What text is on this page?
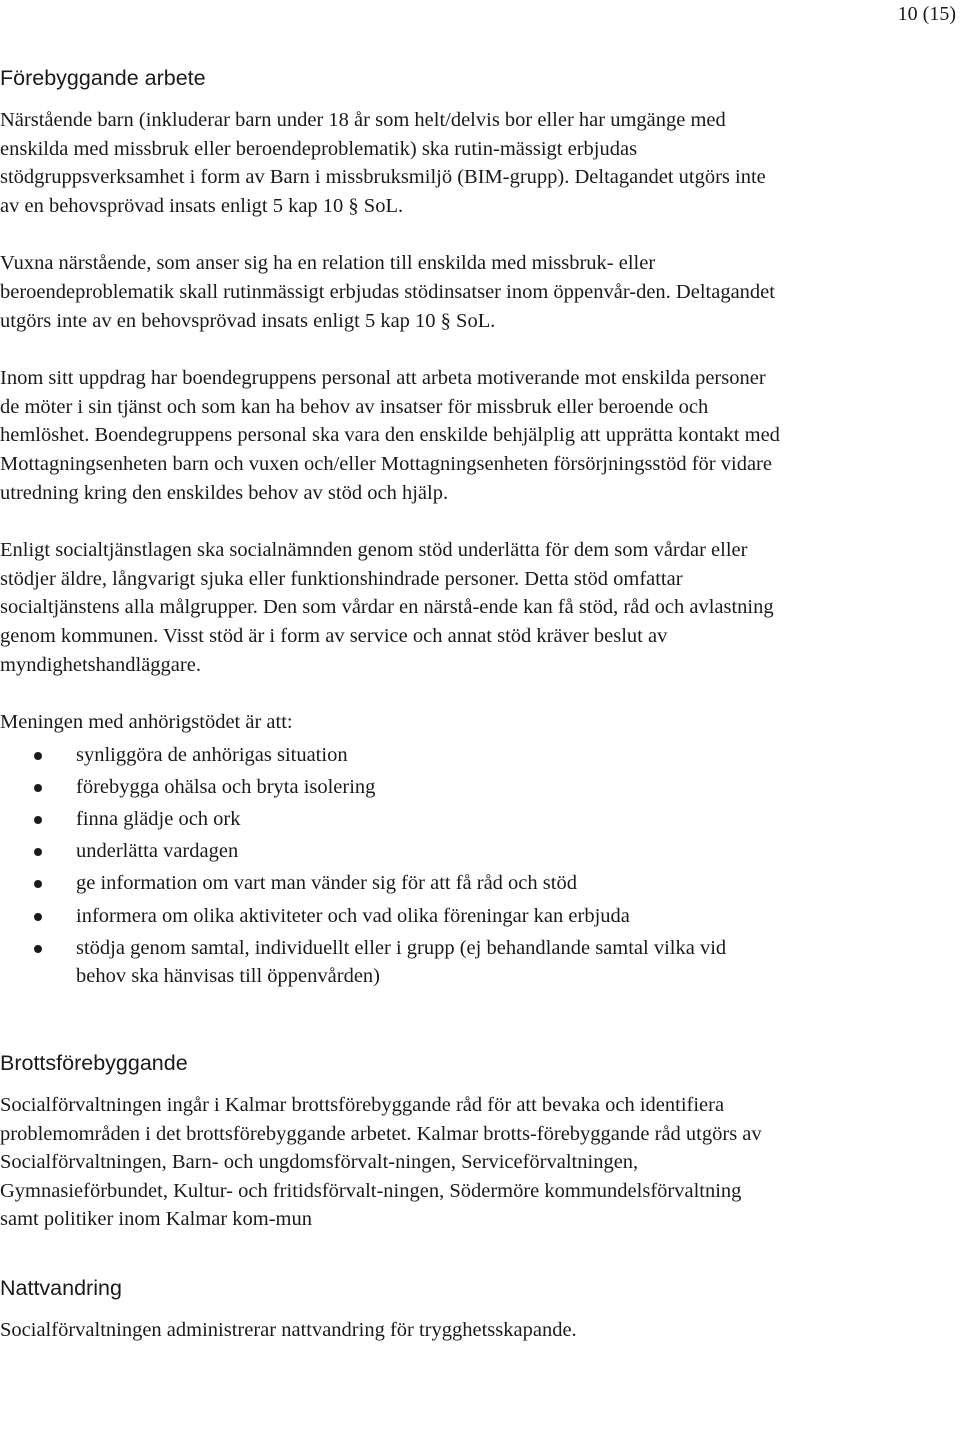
10 (15)
Förebyggande arbete

Närstående barn (inkluderar barn under 18 år som helt/delvis bor eller har umgänge med enskilda med missbruk eller beroendeproblematik) ska rutin-mässigt erbjudas stödgruppsverksamhet i form av Barn i missbruksmiljö (BIM-grupp). Deltagandet utgörs inte av en behovsprövad insats enligt 5 kap 10 § SoL.

Vuxna närstående, som anser sig ha en relation till enskilda med missbruk- eller beroendeproblematik skall rutinmässigt erbjudas stödinsatser inom öppenvår-den. Deltagandet utgörs inte av en behovsprövad insats enligt 5 kap 10 § SoL.

Inom sitt uppdrag har boendegruppens personal att arbeta motiverande mot enskilda personer de möter i sin tjänst och som kan ha behov av insatser för missbruk eller beroende och hemlöshet. Boendegruppens personal ska vara den enskilde behjälplig att upprätta kontakt med Mottagningsenheten barn och vuxen och/eller Mottagningsenheten försörjningsstöd för vidare utredning kring den enskildes behov av stöd och hjälp.

Enligt socialtjänstlagen ska socialnämnden genom stöd underlätta för dem som vårdar eller stödjer äldre, långvarigt sjuka eller funktionshindrade personer. Detta stöd omfattar socialtjänstens alla målgrupper. Den som vårdar en närstå-ende kan få stöd, råd och avlastning genom kommunen. Visst stöd är i form av service och annat stöd kräver beslut av myndighetshandläggare.

Meningen med anhörigstödet är att:

synliggöra de anhörigas situation
förebygga ohälsa och bryta isolering
finna glädje och ork
underlätta vardagen
ge information om vart man vänder sig för att få råd och stöd
informera om olika aktiviteter och vad olika föreningar kan erbjuda
stödja genom samtal, individuellt eller i grupp (ej behandlande samtal vilka vid behov ska hänvisas till öppenvården)
Brottsförebyggande

Socialförvaltningen ingår i Kalmar brottsförebyggande råd för att bevaka och identifiera problemområden i det brottsförebyggande arbetet. Kalmar brotts-förebyggande råd utgörs av Socialförvaltningen, Barn- och ungdomsförvalt-ningen, Serviceförvaltningen, Gymnasieförbundet, Kultur- och fritidsförvalt-ningen, Södermöre kommundelsförvaltning samt politiker inom Kalmar kom-mun

Nattvandring

Socialförvaltningen administrerar nattvandring för trygghetsskapande.
